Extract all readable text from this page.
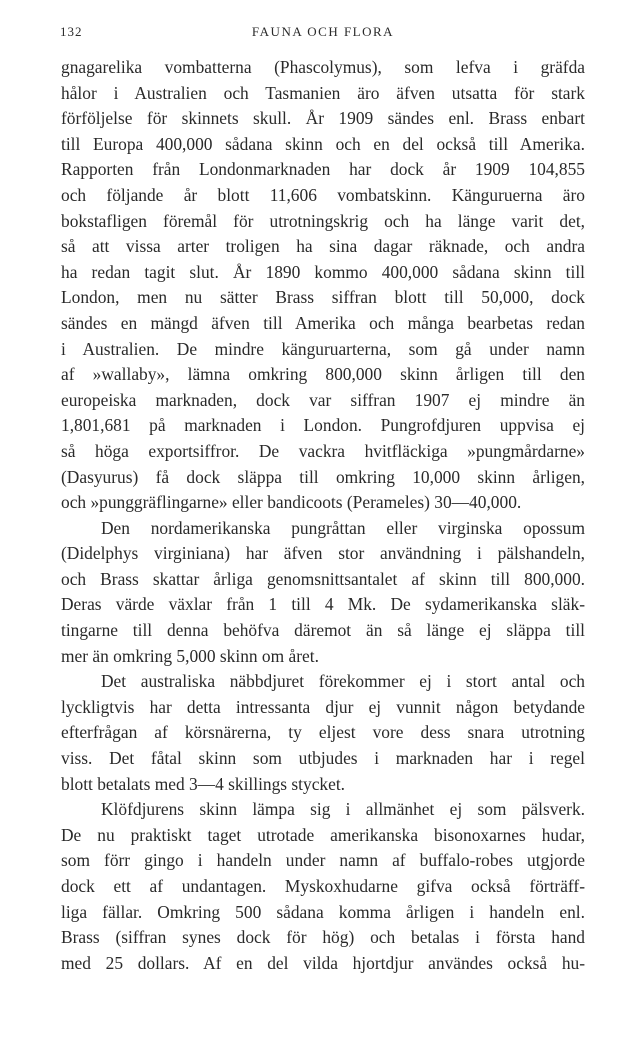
132	FAUNA OCH FLORA
gnagarelika vombatterna (Phascolymus), som lefva i gräfda
hålor i Australien och Tasmanien äro äfven utsatta för stark
förföljelse för skinnets skull. År 1909 sändes enl. Brass enbart
till Europa 400,000 sådana skinn och en del också till Amerika.
Rapporten från Londonmarknaden har dock år 1909 104,855
och följande år blott 11,606 vombatskinn. Känguruerna äro
bokstafligen föremål för utrotningskrig och ha länge varit det,
så att vissa arter troligen ha sina dagar räknade, och andra
ha redan tagit slut. År 1890 kommo 400,000 sådana skinn till
London, men nu sätter Brass siffran blott till 50,000, dock
sändes en mängd äfven till Amerika och många bearbetas redan
i Australien. De mindre känguruarterna, som gå under namn
af »wallaby», lämna omkring 800,000 skinn årligen till den
europeiska marknaden, dock var siffran 1907 ej mindre än
1,801,681 på marknaden i London. Pungrofdjuren uppvisa ej
så höga exportsiffror. De vackra hvitfläckiga »pungmårdarne»
(Dasyurus) få dock släppa till omkring 10,000 skinn årligen,
och »punggräflingarne» eller bandicoots (Perameles) 30—40,000.
Den nordamerikanska pungråttan eller virginska opossum
(Didelphys virginiana) har äfven stor användning i pälshandeln,
och Brass skattar årliga genomsnittsantalet af skinn till 800,000.
Deras värde växlar från 1 till 4 Mk. De sydamerikanska släk-
tingarne till denna behöfva däremot än så länge ej släppa till
mer än omkring 5,000 skinn om året.
Det australiska näbbdjuret förekommer ej i stort antal och
lyckligtvis har detta intressanta djur ej vunnit någon betydande
efterfrågan af körsnärerna, ty eljest vore dess snara utrotning
viss. Det fåtal skinn som utbjudes i marknaden har i regel
blott betalats med 3—4 skillings stycket.
Klöfdjurens skinn lämpa sig i allmänhet ej som pälsverk.
De nu praktiskt taget utrotade amerikanska bisonoxarnes hudar,
som förr gingo i handeln under namn af buffalo-robes utgjorde
dock ett af undantagen. Myskoxhudarne gifva också förträff-
liga fällar. Omkring 500 sådana komma årligen i handeln enl.
Brass (siffran synes dock för hög) och betalas i första hand
med 25 dollars. Af en del vilda hjortdjur användes också hu-
